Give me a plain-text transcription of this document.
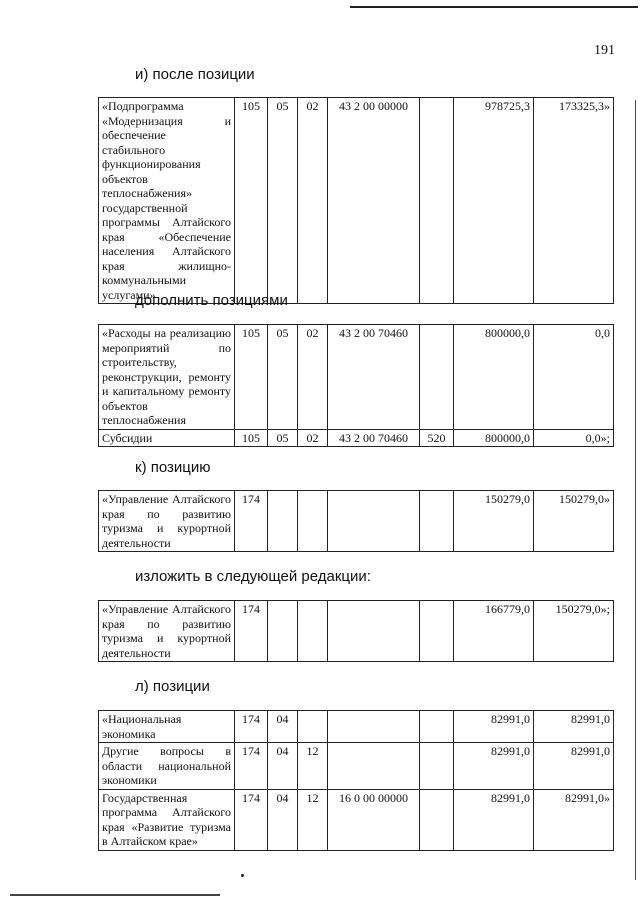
191
и) после позиции
«Подпрограмма «Модернизация и обеспечение стабильного функционирования объектов теплоснабжения» государственной программы Алтайского края «Обеспечение населения Алтайского края жилищно-коммунальными услугами»	105	05	02	43 2 00 00000		978725,3	173325,3»
дополнить позициями
«Расходы на реализацию мероприятий по строительству, реконструкции, ремонту и капитальному ремонту объектов теплоснабжения	105	05	02	43 2 00 70460		800000,0	0,0
Субсидии	105	05	02	43 2 00 70460	520	800000,0	0,0»;
к) позицию
«Управление Алтайского края по развитию туризма и курортной деятельности	174					150279,0	150279,0»
изложить в следующей редакции:
«Управление Алтайского края по развитию туризма и курортной деятельности	174					166779,0	150279,0»;
л) позиции
«Национальная экономика	174	04				82991,0	82991,0
Другие вопросы в области национальной экономики	174	04	12			82991,0	82991,0
Государственная программа Алтайского края «Развитие туризма в Алтайском крае»	174	04	12	16 0 00 00000		82991,0	82991,0»
